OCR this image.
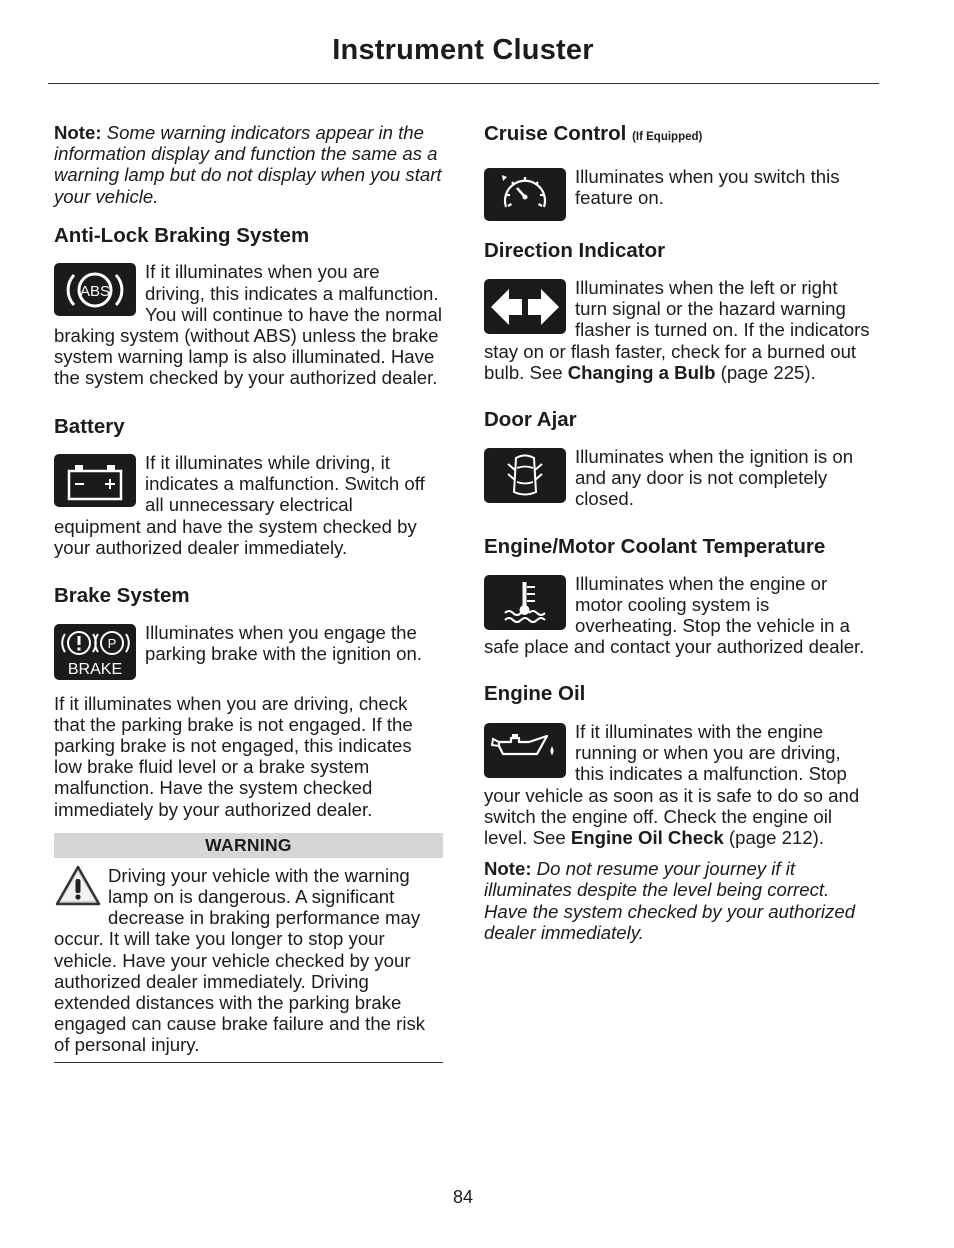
Instrument Cluster

Note: Some warning indicators appear in the information display and function the same as a warning lamp but do not display when you start your vehicle.

Anti-Lock Braking System
ABS

If it illuminates when you are driving, this indicates a malfunction. You will continue to have the normal braking system (without ABS) unless the brake system warning lamp is also illuminated. Have the system checked by your authorized dealer.

Battery

If it illuminates while driving, it indicates a malfunction. Switch off all unnecessary electrical equipment and have the system checked by your authorized dealer immediately.

Brake System
P
BRAKE

Illuminates when you engage the parking brake with the ignition on.

If it illuminates when you are driving, check that the parking brake is not engaged. If the parking brake is not engaged, this indicates low brake fluid level or a brake system malfunction. Have the system checked immediately by your authorized dealer.

WARNING

Driving your vehicle with the warning lamp on is dangerous. A significant decrease in braking performance may occur. It will take you longer to stop your vehicle. Have your vehicle checked by your authorized dealer immediately. Driving extended distances with the parking brake engaged can cause brake failure and the risk of personal injury.

Cruise Control (If Equipped)

Illuminates when you switch this feature on.

Direction Indicator

Illuminates when the left or right turn signal or the hazard warning flasher is turned on. If the indicators stay on or flash faster, check for a burned out bulb. See Changing a Bulb (page 225).

Door Ajar

Illuminates when the ignition is on and any door is not completely closed.

Engine/Motor Coolant Temperature

Illuminates when the engine or motor cooling system is overheating. Stop the vehicle in a safe place and contact your authorized dealer.

Engine Oil

If it illuminates with the engine running or when you are driving, this indicates a malfunction. Stop your vehicle as soon as it is safe to do so and switch the engine off. Check the engine oil level. See Engine Oil Check (page 212).

Note: Do not resume your journey if it illuminates despite the level being correct. Have the system checked by your authorized dealer immediately.

84
